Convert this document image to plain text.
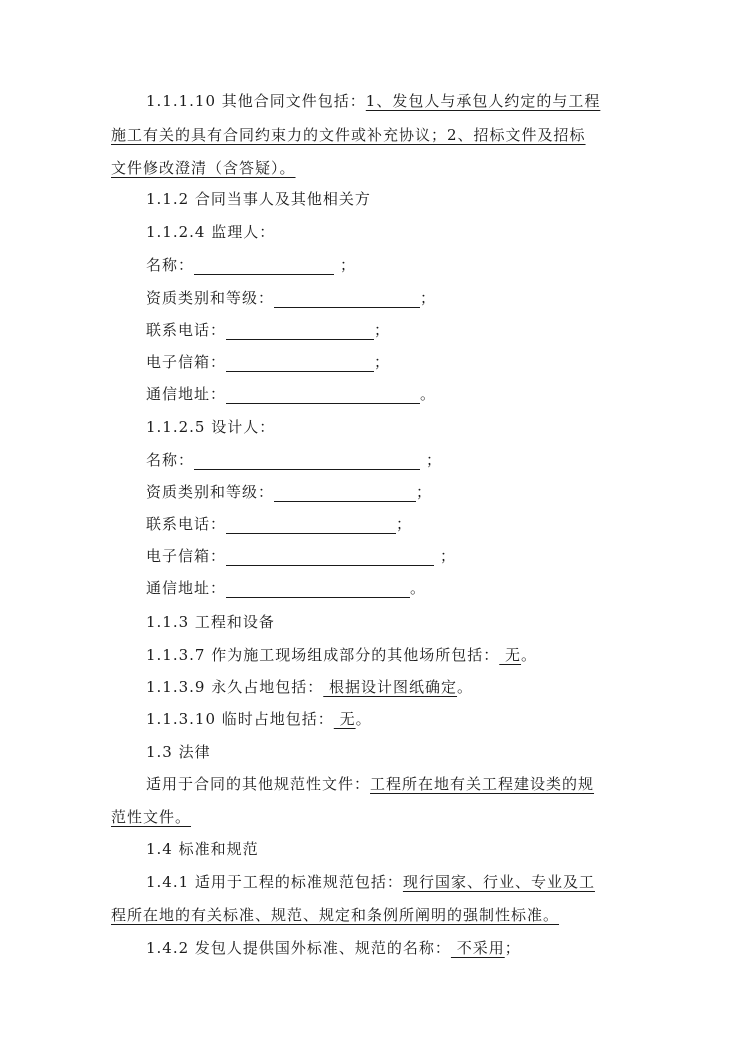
1.1.1.10 其他合同文件包括：1、发包人与承包人约定的与工程
施工有关的具有合同约束力的文件或补充协议；2、招标文件及招标
文件修改澄清（含答疑）。
1.1.2 合同当事人及其他相关方
1.1.2.4 监理人：
名称：	；
资质类别和等级：	；
联系电话：	；
电子信箱：	；
通信地址：	。
1.1.2.5 设计人：
名称：	；
资质类别和等级：	；
联系电话：	；
电子信箱：	；
通信地址：	。
1.1.3 工程和设备
1.1.3.7 作为施工现场组成部分的其他场所包括： 无。
1.1.3.9 永久占地包括： 根据设计图纸确定。
1.1.3.10 临时占地包括： 无。
1.3 法律
适用于合同的其他规范性文件：工程所在地有关工程建设类的规
范性文件。
1.4 标准和规范
1.4.1 适用于工程的标准规范包括：现行国家、行业、专业及工
程所在地的有关标准、规范、规定和条例所阐明的强制性标准。
1.4.2 发包人提供国外标准、规范的名称： 不采用；
